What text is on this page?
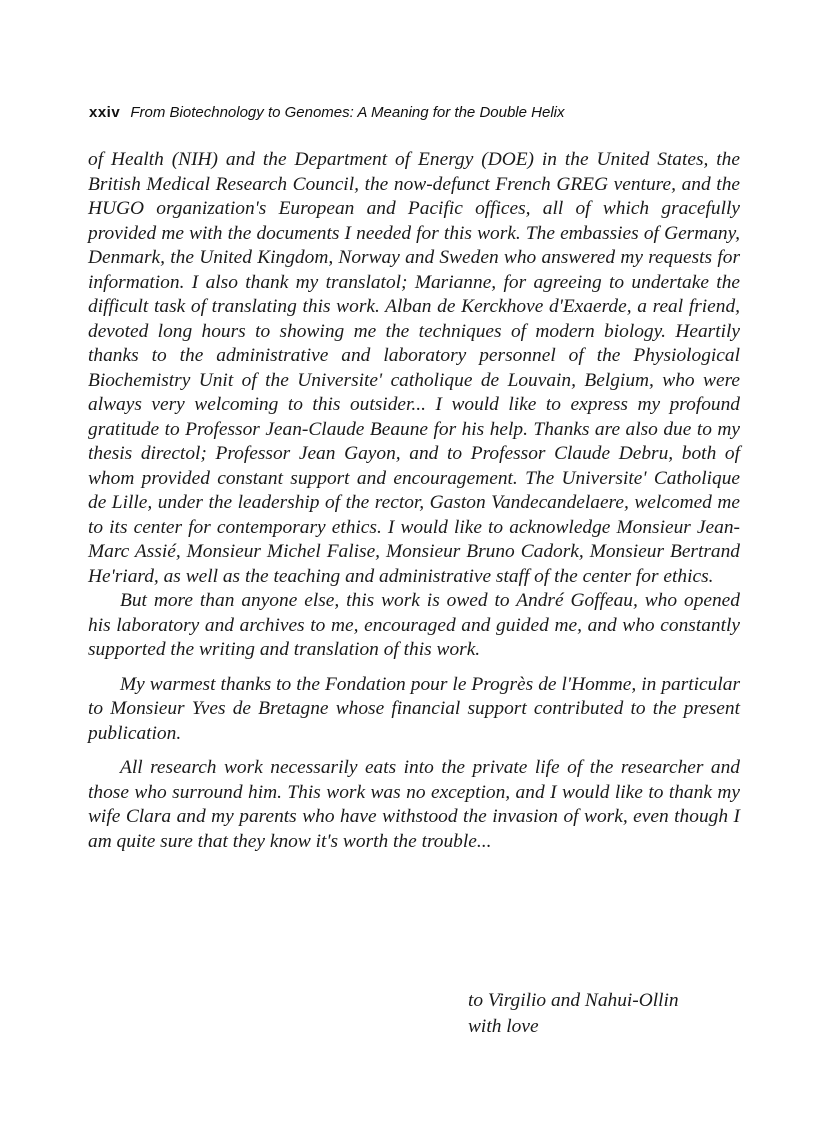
xxiv From Biotechnology to Genomes: A Meaning for the Double Helix

of Health (NIH) and the Department of Energy (DOE) in the United States, the British Medical Research Council, the now-defunct French GREG venture, and the HUGO organization's European and Pacific offices, all of which gracefully provided me with the documents I needed for this work. The embassies of Germany, Denmark, the United Kingdom, Norway and Sweden who answered my requests for information. I also thank my translatol; Marianne, for agreeing to undertake the difficult task of translating this work. Alban de Kerckhove d'Exaerde, a real friend, devoted long hours to showing me the techniques of modern biology. Heartily thanks to the administrative and laboratory personnel of the Physiological Biochemistry Unit of the Universite' catholique de Louvain, Belgium, who were always very welcoming to this outsider... I would like to express my profound gratitude to Professor Jean-Claude Beaune for his help. Thanks are also due to my thesis directol; Professor Jean Gayon, and to Professor Claude Debru, both of whom provided constant support and encouragement. The Universite' Catholique de Lille, under the leadership of the rector, Gaston Vandecandelaere, welcomed me to its center for contemporary ethics. I would like to acknowledge Monsieur Jean-Marc Assié, Monsieur Michel Falise, Monsieur Bruno Cadork, Monsieur Bertrand He'riard, as well as the teaching and administrative staff of the center for ethics.

But more than anyone else, this work is owed to André Goffeau, who opened his laboratory and archives to me, encouraged and guided me, and who constantly supported the writing and translation of this work.

My warmest thanks to the Fondation pour le Progrès de l'Homme, in particular to Monsieur Yves de Bretagne whose financial support contributed to the present publication.

All research work necessarily eats into the private life of the researcher and those who surround him. This work was no exception, and I would like to thank my wife Clara and my parents who have withstood the invasion of work, even though I am quite sure that they know it's worth the trouble...

to Virgilio and Nahui-Ollin
with love
